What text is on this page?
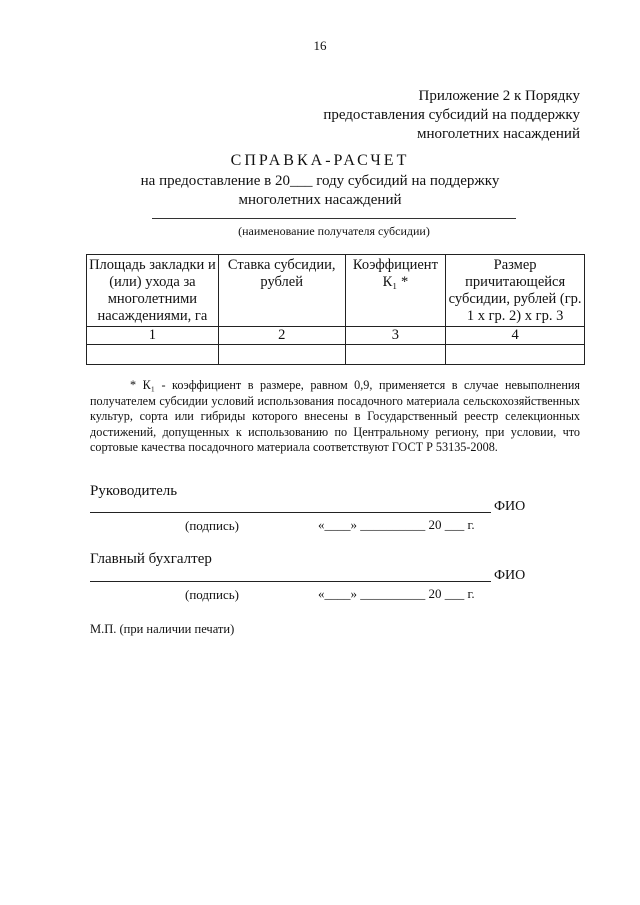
16
Приложение 2 к Порядку
предоставления субсидий на поддержку
многолетних насаждений
СПРАВКА-РАСЧЕТ
на предоставление в 20___ году субсидий на поддержку
многолетних насаждений
(наименование получателя субсидии)
Площадь закладки и (или) ухода за многолетними насаждениями, га	Ставка субсидии, рублей	Коэффициент К₁ *	Размер причитающейся субсидии, рублей (гр. 1 х гр. 2) х гр. 3
1	2	3	4

* К₁ - коэффициент в размере, равном 0,9, применяется в случае невыполнения получателем субсидии условий использования посадочного материала сельскохозяйственных культур, сорта или гибриды которого внесены в Государственный реестр селекционных достижений, допущенных к использованию по Центральному региону, при условии, что сортовые качества посадочного материала соответствуют ГОСТ Р 53135-2008.
Руководитель
ФИО
(подпись)	«____» __________ 20 ___ г.
Главный бухгалтер
ФИО
(подпись)	«____» __________ 20 ___ г.
М.П. (при наличии печати)
